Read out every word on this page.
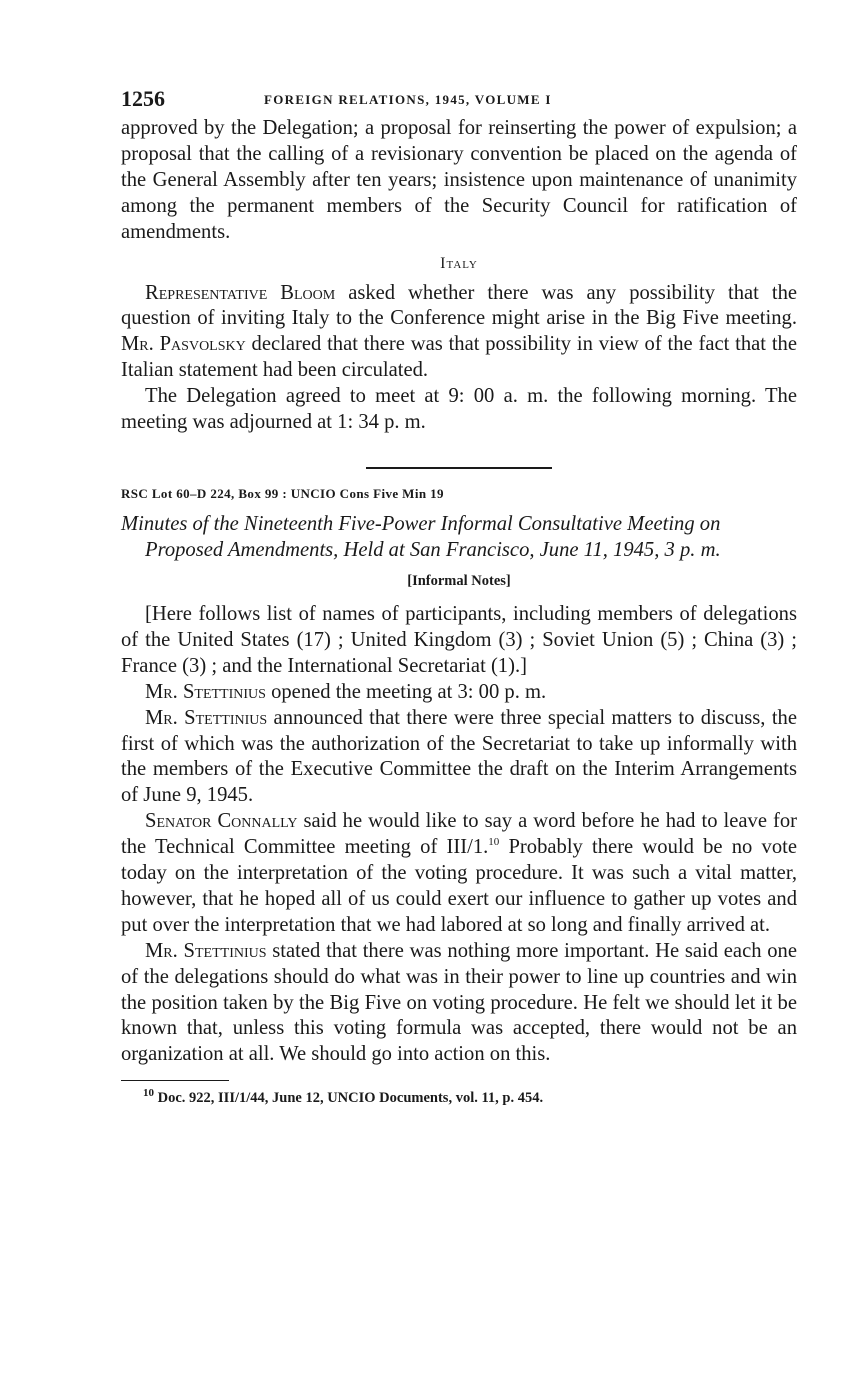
1256	FOREIGN RELATIONS, 1945, VOLUME I

approved by the Delegation; a proposal for reinserting the power of expulsion; a proposal that the calling of a revisionary convention be placed on the agenda of the General Assembly after ten years; insistence upon maintenance of unanimity among the permanent members of the Security Council for ratification of amendments.

Italy

Representative Bloom asked whether there was any possibility that the question of inviting Italy to the Conference might arise in the Big Five meeting. Mr. Pasvolsky declared that there was that possibility in view of the fact that the Italian statement had been circulated.

The Delegation agreed to meet at 9: 00 a. m. the following morning. The meeting was adjourned at 1: 34 p. m.

RSC Lot 60–D 224, Box 99 : UNCIO Cons Five Min 19
Minutes of the Nineteenth Five-Power Informal Consultative Meeting on Proposed Amendments, Held at San Francisco, June 11, 1945, 3 p. m.
[Informal Notes]

[Here follows list of names of participants, including members of delegations of the United States (17) ; United Kingdom (3) ; Soviet Union (5) ; China (3) ; France (3) ; and the International Secretariat (1).]

Mr. Stettinius opened the meeting at 3: 00 p. m.

Mr. Stettinius announced that there were three special matters to discuss, the first of which was the authorization of the Secretariat to take up informally with the members of the Executive Committee the draft on the Interim Arrangements of June 9, 1945.

Senator Connally said he would like to say a word before he had to leave for the Technical Committee meeting of III/1.10 Probably there would be no vote today on the interpretation of the voting procedure. It was such a vital matter, however, that he hoped all of us could exert our influence to gather up votes and put over the interpretation that we had labored at so long and finally arrived at.

Mr. Stettinius stated that there was nothing more important. He said each one of the delegations should do what was in their power to line up countries and win the position taken by the Big Five on voting procedure. He felt we should let it be known that, unless this voting formula was accepted, there would not be an organization at all. We should go into action on this.

$^{10}$ Doc. 922, III/1/44, June 12, UNCIO Documents, vol. 11, p. 454.
